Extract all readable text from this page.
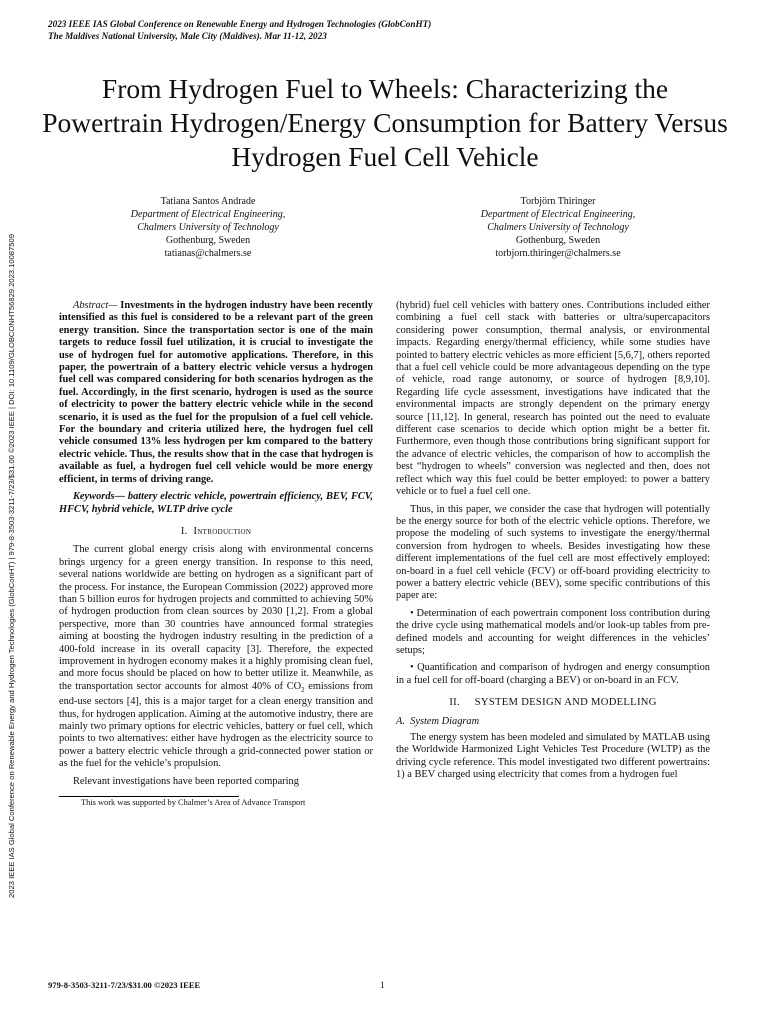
2023 IEEE IAS Global Conference on Renewable Energy and Hydrogen Technologies (GlobConHT)
The Maldives National University, Male City (Maldives). Mar 11-12, 2023
2023 IEEE IAS Global Conference on Renewable Energy and Hydrogen Technologies (GlobConHT) | 979-8-3503-3211-7/23/$31.00 ©2023 IEEE | DOI: 10.1109/GLOBCONHT56829.2023.10087509
From Hydrogen Fuel to Wheels: Characterizing the Powertrain Hydrogen/Energy Consumption for Battery Versus Hydrogen Fuel Cell Vehicle
Tatiana Santos Andrade
Department of Electrical Engineering,
Chalmers University of Technology
Gothenburg, Sweden
tatianas@chalmers.se
Torbjörn Thiringer
Department of Electrical Engineering,
Chalmers University of Technology
Gothenburg, Sweden
torbjorn.thiringer@chalmers.se

Abstract— Investments in the hydrogen industry have been recently intensified as this fuel is considered to be a relevant part of the green energy transition. Since the transportation sector is one of the main targets to reduce fossil fuel utilization, it is crucial to investigate the use of hydrogen fuel for automotive applications. Therefore, in this paper, the powertrain of a battery electric vehicle versus a hydrogen fuel cell was compared considering for both scenarios hydrogen as the fuel. Accordingly, in the first scenario, hydrogen is used as the source of electricity to power the battery electric vehicle while in the second scenario, it is used as the fuel for the propulsion of a fuel cell vehicle. For the boundary and criteria utilized here, the hydrogen fuel cell vehicle consumed 13% less hydrogen per km compared to the battery electric vehicle. Thus, the results show that in the case that hydrogen is available as fuel, a hydrogen fuel cell vehicle would be more energy efficient, in terms of driving range.

Keywords— battery electric vehicle, powertrain efficiency, BEV, FCV, HFCV, hybrid vehicle, WLTP drive cycle

I. Introduction

The current global energy crisis along with environmental concerns brings urgency for a green energy transition. In response to this need, several nations worldwide are betting on hydrogen as a significant part of the process. For instance, the European Commission (2022) approved more than 5 billion euros for hydrogen projects and committed to achieving 50% of hydrogen production from clean sources by 2030 [1,2]. From a global perspective, more than 30 countries have announced formal strategies aiming at boosting the hydrogen industry resulting in the prediction of a 400-fold increase in its overall capacity [3]. Therefore, the expected improvement in hydrogen economy makes it a highly promising clean fuel, and more focus should be placed on how to better utilize it. Meanwhile, as the transportation sector accounts for almost 40% of $CO_2$ emissions from end-use sectors [4], this is a major target for a clean energy transition and thus, for hydrogen application. Aiming at the automotive industry, there are mainly two primary options for electric vehicles, battery or fuel cell, which points to two alternatives: either have hydrogen as the electricity source to power a battery electric vehicle through a grid-connected power station or as the fuel for the vehicle’s propulsion.

Relevant investigations have been reported comparing

This work was supported by Chalmer’s Area of Advance Transport

(hybrid) fuel cell vehicles with battery ones. Contributions included either combining a fuel cell stack with batteries or ultra/supercapacitors considering power consumption, thermal analysis, or environmental impacts. Regarding energy/thermal efficiency, while some studies have pointed to battery electric vehicles as more efficient [5,6,7], others reported that a fuel cell vehicle could be more advantageous depending on the type of vehicle, road range autonomy, or source of hydrogen [8,9,10]. Regarding life cycle assessment, investigations have indicated that the environmental impacts are strongly dependent on the primary energy source [11,12]. In general, research has pointed out the need to evaluate different case scenarios to decide which option might be a better fit. Furthermore, even though those contributions bring significant support for the advance of electric vehicles, the comparison of how to accomplish the best “hydrogen to wheels” conversion was neglected and then, does not reflect which way this fuel could be better employed: to power a battery vehicle or to fuel a fuel cell one.

Thus, in this paper, we consider the case that hydrogen will potentially be the energy source for both of the electric vehicle options. Therefore, we propose the modeling of such systems to investigate the energy/thermal conversion from hydrogen to wheels. Besides investigating how these different implementations of the fuel cell are most effectively employed: on-board in a fuel cell vehicle (FCV) or off-board providing electricity to power a battery electric vehicle (BEV), some specific contributions of this paper are:

• Determination of each powertrain component loss contribution during the drive cycle using mathematical models and/or look-up tables from pre-defined models and accounting for weight differences in the vehicles’ setups;

• Quantification and comparison of hydrogen and energy consumption in a fuel cell for off-board (charging a BEV) or on-board in an FCV.

II. SYSTEM DESIGN AND MODELLING
A. System Diagram

The energy system has been modeled and simulated by MATLAB using the Worldwide Harmonized Light Vehicles Test Procedure (WLTP) as the driving cycle reference. This model investigated two different powertrains: 1) a BEV charged using electricity that comes from a hydrogen fuel

979-8-3503-3211-7/23/$31.00 ©2023 IEEE	1
